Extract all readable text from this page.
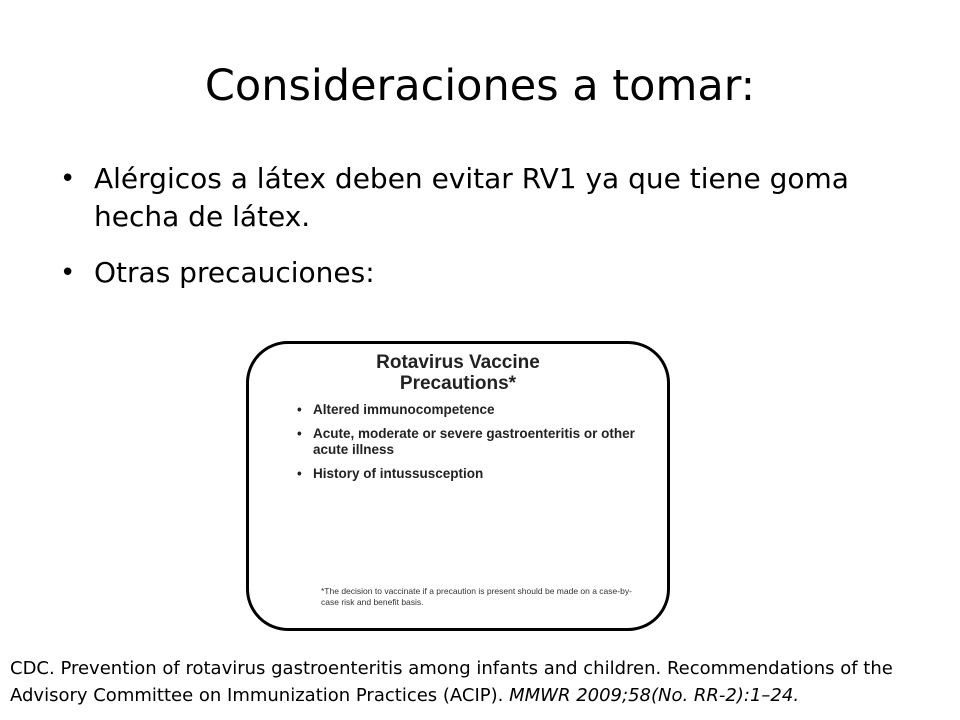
Consideraciones a tomar:
• Alérgicos a látex deben evitar RV1 ya que tiene goma hecha de látex.
• Otras precauciones:
Rotavirus Vaccine
Precautions*
• Altered immunocompetence
• Acute, moderate or severe gastroenteritis or other acute illness
• History of intussusception
*The decision to vaccinate if a precaution is present should be made on a case-by-case risk and benefit basis.
CDC. Prevention of rotavirus gastroenteritis among infants and children. Recommendations of the Advisory Committee on Immunization Practices (ACIP). MMWR 2009;58(No. RR-2):1–24.
